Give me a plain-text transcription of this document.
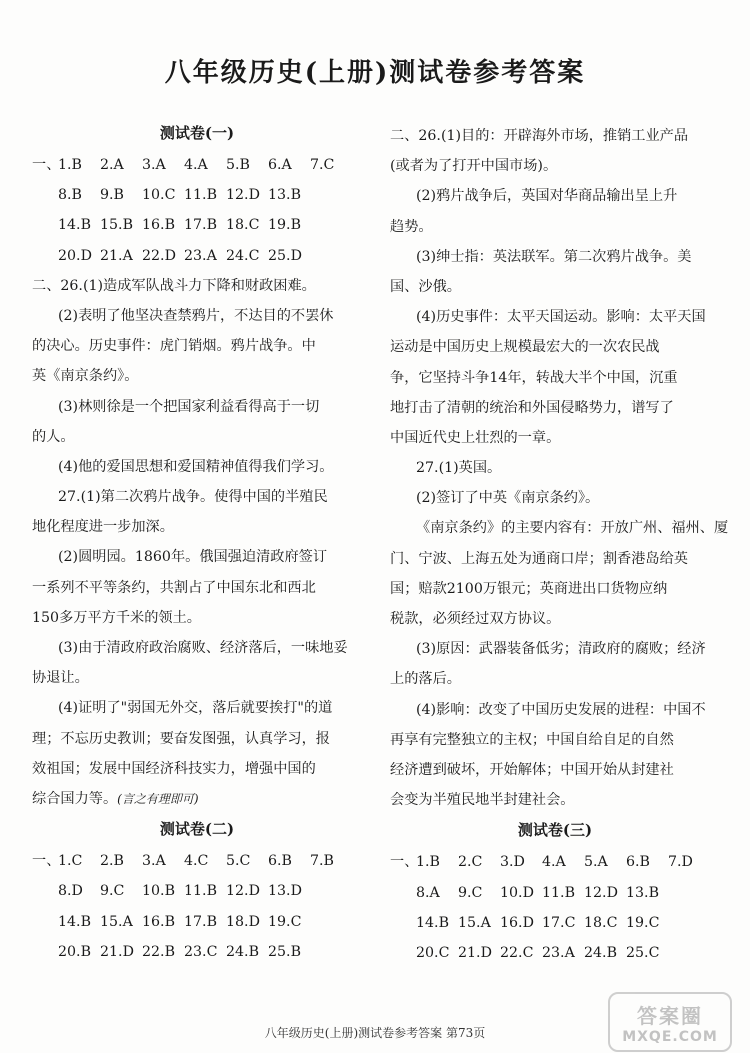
八年级历史(上册)测试卷参考答案
测试卷(一)
一、
1.B	2.A	3.A	4.A	5.B	6.A	7.C
8.B	9.B	10.C 11.B 12.D 13.B
14.B 15.B 16.B 17.B 18.C 19.B
20.D 21.A 22.D 23.A 24.C 25.D
二、26.(1)造成军队战斗力下降和财政困难。
(2)表明了他坚决查禁鸦片，不达目的不罢休
的决心。历史事件：虎门销烟。鸦片战争。中
英《南京条约》。
(3)林则徐是一个把国家利益看得高于一切
的人。
(4)他的爱国思想和爱国精神值得我们学习。
27.(1)第二次鸦片战争。使得中国的半殖民
地化程度进一步加深。
(2)圆明园。1860年。俄国强迫清政府签订
一系列不平等条约，共割占了中国东北和西北
150多万平方千米的领土。
(3)由于清政府政治腐败、经济落后，一味地妥
协退让。
(4)证明了"弱国无外交，落后就要挨打"的道
理；不忘历史教训；要奋发图强，认真学习，报
效祖国；发展中国经济科技实力，增强中国的
综合国力等。(言之有理即可)
测试卷(二)
一、
1.C	2.B	3.A	4.C	5.C	6.B	7.B
8.D	9.C	10.B 11.B 12.D 13.D
14.B 15.A 16.B 17.B 18.D 19.C
20.B 21.D 22.B 23.C 24.B 25.B
二、26.(1)目的：开辟海外市场，推销工业产品
(或者为了打开中国市场)。
(2)鸦片战争后，英国对华商品输出呈上升
趋势。
(3)绅士指：英法联军。第二次鸦片战争。美
国、沙俄。
(4)历史事件：太平天国运动。影响：太平天国
运动是中国历史上规模最宏大的一次农民战
争，它坚持斗争14年，转战大半个中国，沉重
地打击了清朝的统治和外国侵略势力，谱写了
中国近代史上壮烈的一章。
27.(1)英国。
(2)签订了中英《南京条约》。
《南京条约》的主要内容有：开放广州、福州、厦
门、宁波、上海五处为通商口岸；割香港岛给英
国；赔款2100万银元；英商进出口货物应纳
税款，必须经过双方协议。
(3)原因：武器装备低劣；清政府的腐败；经济
上的落后。
(4)影响：改变了中国历史发展的进程：中国不
再享有完整独立的主权；中国自给自足的自然
经济遭到破坏，开始解体；中国开始从封建社
会变为半殖民地半封建社会。
测试卷(三)
一、
1.B	2.C	3.D	4.A	5.A	6.B	7.D
8.A	9.C	10.D 11.B 12.D 13.B
14.B 15.A 16.D 17.C 18.C 19.C
20.C 21.D 22.C 23.A 24.B 25.C
八年级历史(上册)测试卷参考答案 第73页
答案圈
MXQE.COM
